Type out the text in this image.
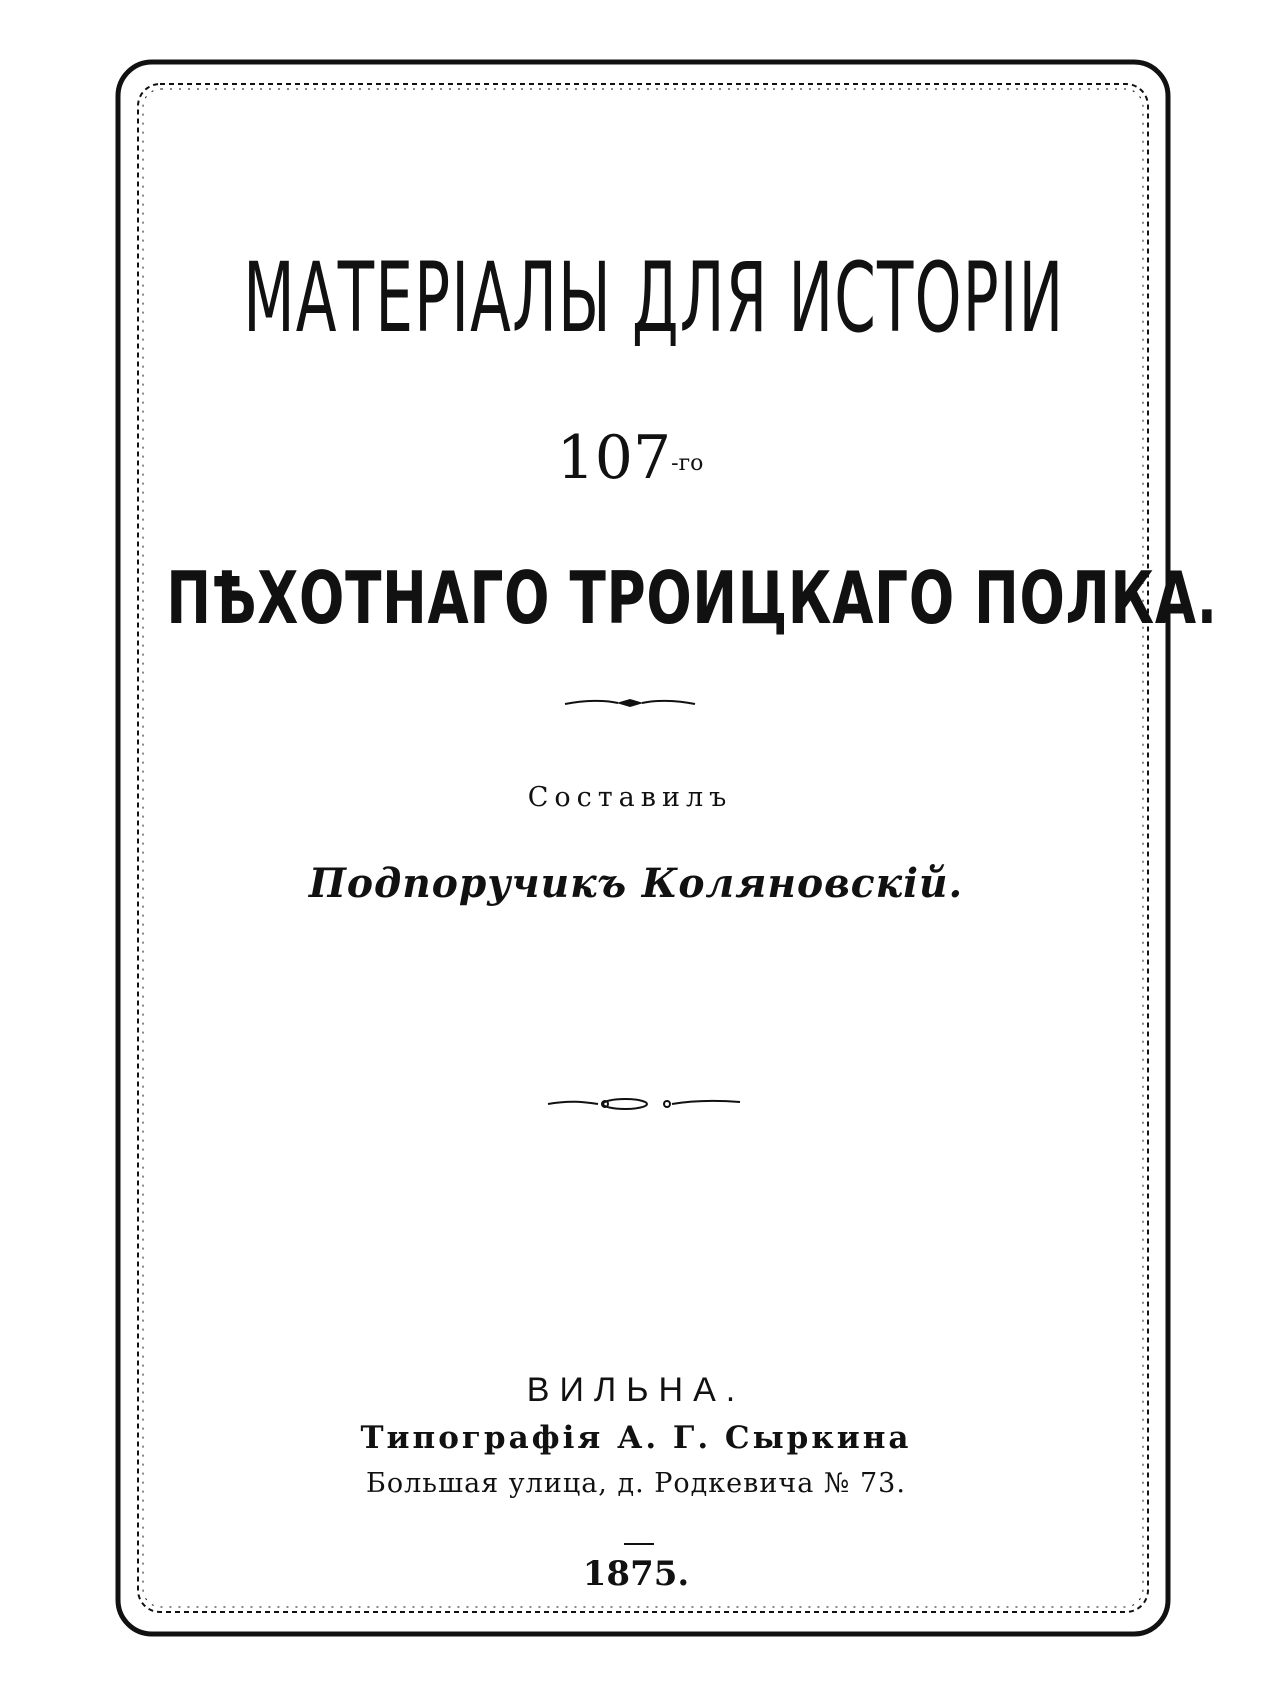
МАТЕРІАЛЫ ДЛЯ ИСТОРІИ
$107^{-го}$
ПѢХОТНАГО ТРОИЦКАГО ПОЛКА.
Составилъ
Подпоручикъ Коляновскій.
ВИЛЬНА.
Типографія А. Г. Сыркина
Большая улица, д. Родкевича № 73.
1875.
